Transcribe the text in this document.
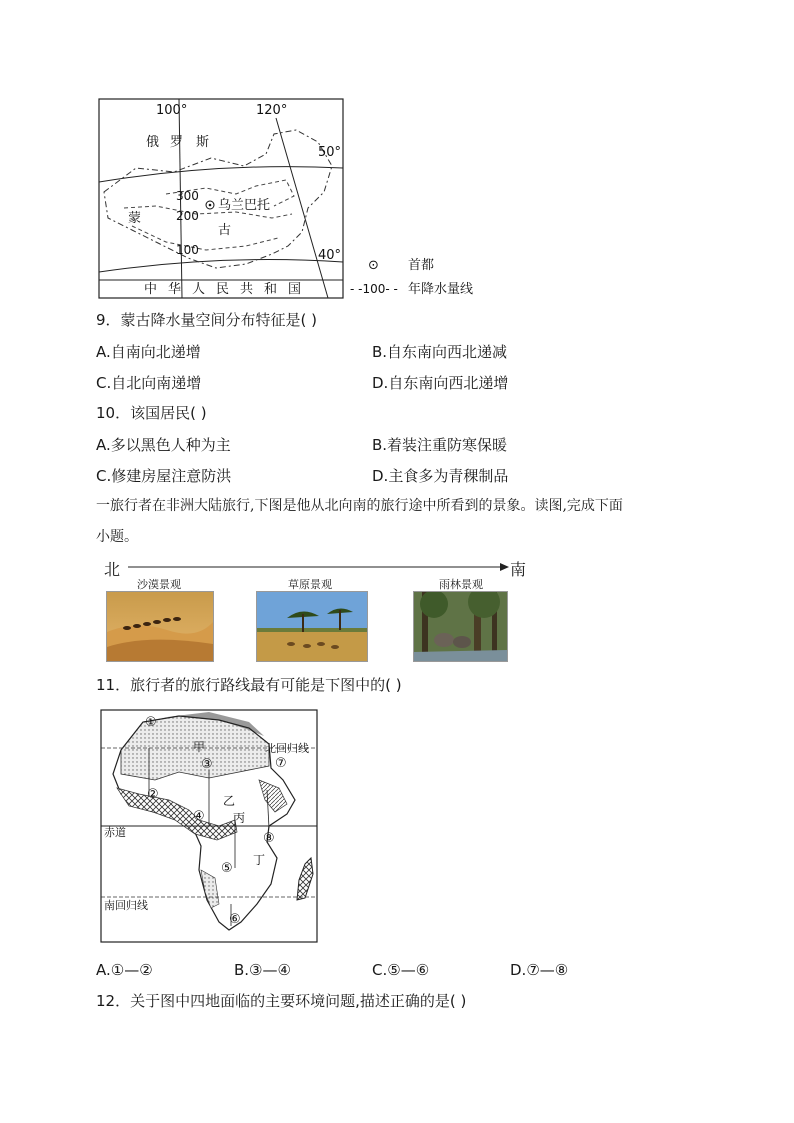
100°	120°
50°
40°
俄 罗 斯
300
200
100
乌兰巴托
蒙
古
中 华 人 民 共 和 国
⊙ 首都
- -100- - 年降水量线
9．蒙古降水量空间分布特征是( )
A.自南向北递增	B.自东南向西北递减
C.自北向南递增	D.自东南向西北递增
10．该国居民( )
A.多以黑色人种为主	B.着装注重防寒保暖
C.修建房屋注意防洪	D.主食多为青稞制品
一旅行者在非洲大陆旅行,下图是他从北向南的旅行途中所看到的景象。读图,完成下面
小题。
北	南
沙漠景观	草原景观	雨林景观
11．旅行者的旅行路线最有可能是下图中的( )
北回归线
赤道
南回归线
甲
乙
丙
丁
①
②
③
④
⑤
⑥
⑦
⑧
A.①—②	B.③—④	C.⑤—⑥	D.⑦—⑧
12．关于图中四地面临的主要环境问题,描述正确的是( )
